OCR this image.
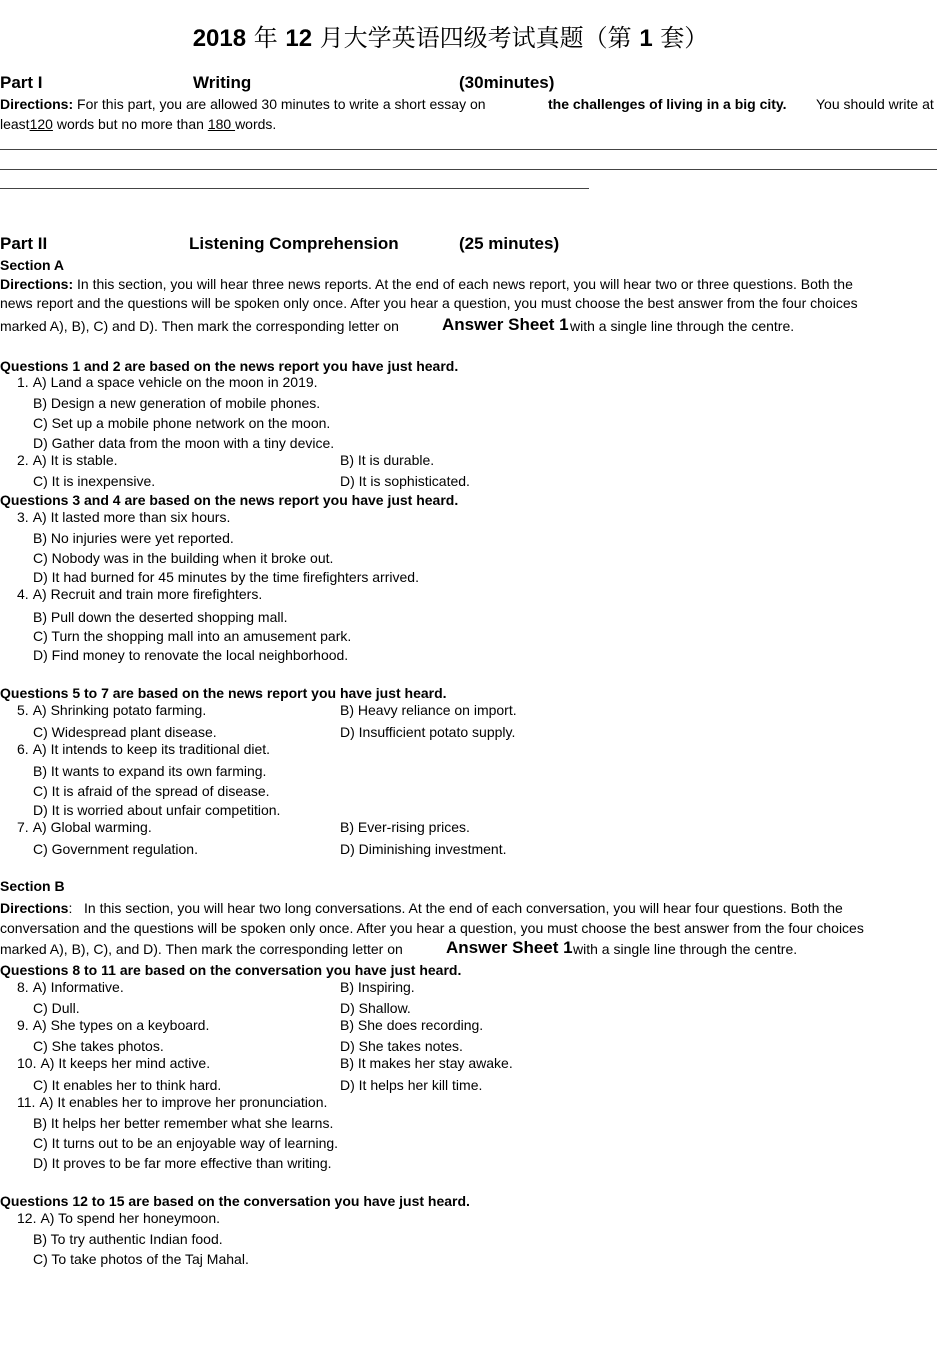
2018 年 12 月大学英语四级考试真题（第 1 套）
Part I	Writing	(30minutes)
Directions: For this part, you are allowed 30 minutes to write a short essay on	the challenges of living in a big city. You should write at
least120 words but no more than 180 words.
Part II	Listening Comprehension	(25 minutes)
Section A
Directions: In this section, you will hear three news reports. At the end of each news report, you will hear two or three questions. Both the
news report and the questions will be spoken only once. After you hear a question, you must choose the best answer from the four choices
marked A), B), C) and D). Then mark the corresponding letter on	Answer Sheet 1 with a single line through the centre.
Questions 1 and 2 are based on the news report you have just heard.
1. A) Land a space vehicle on the moon in 2019.
B) Design a new generation of mobile phones.
C) Set up a mobile phone network on the moon.
D) Gather data from the moon with a tiny device.
2. A) It is stable.	B) It is durable.
C) It is inexpensive.	D) It is sophisticated.
Questions 3 and 4 are based on the news report you have just heard.
3. A) It lasted more than six hours.
B) No injuries were yet reported.
C) Nobody was in the building when it broke out.
D) It had burned for 45 minutes by the time firefighters arrived.
4. A) Recruit and train more firefighters.
B) Pull down the deserted shopping mall.
C) Turn the shopping mall into an amusement park.
D) Find money to renovate the local neighborhood.
Questions 5 to 7 are based on the news report you have just heard.
5. A) Shrinking potato farming.	B) Heavy reliance on import.
C) Widespread plant disease.	D) Insufficient potato supply.
6. A) It intends to keep its traditional diet.
B) It wants to expand its own farming.
C) It is afraid of the spread of disease.
D) It is worried about unfair competition.
7. A) Global warming.	B) Ever-rising prices.
C) Government regulation.	D) Diminishing investment.
Section B
Directions:   In this section, you will hear two long conversations. At the end of each conversation, you will hear four questions. Both the
conversation and the questions will be spoken only once. After you hear a question, you must choose the best answer from the four choices
marked A), B), C), and D). Then mark the corresponding letter on	Answer Sheet 1 with a single line through the centre.
Questions 8 to 11 are based on the conversation you have just heard.
8. A) Informative.	B) Inspiring.
C) Dull.	D) Shallow.
9. A) She types on a keyboard.	B) She does recording.
C) She takes photos.	D) She takes notes.
10. A) It keeps her mind active.	B) It makes her stay awake.
C) It enables her to think hard.	D) It helps her kill time.
11. A) It enables her to improve her pronunciation.
B) It helps her better remember what she learns.
C) It turns out to be an enjoyable way of learning.
D) It proves to be far more effective than writing.
Questions 12 to 15 are based on the conversation you have just heard.
12. A) To spend her honeymoon.
B) To try authentic Indian food.
C) To take photos of the Taj Mahal.
